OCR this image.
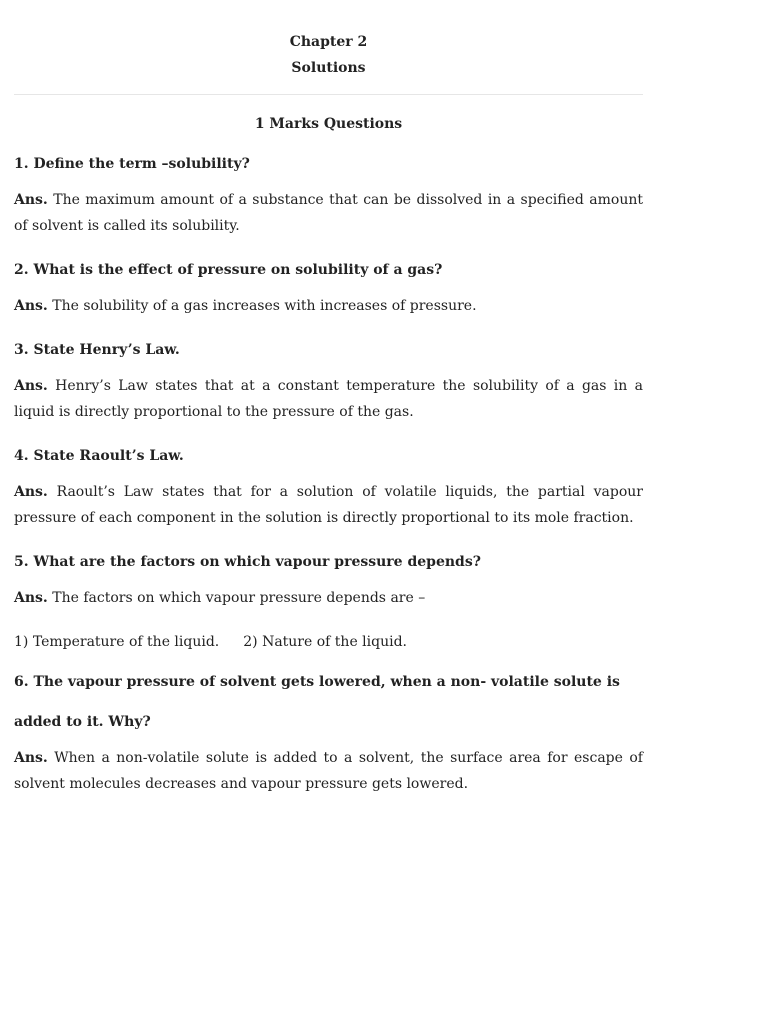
Chapter 2
Solutions
1 Marks Questions
1. Define the term –solubility?
Ans. The maximum amount of a substance that can be dissolved in a specified amount of solvent is called its solubility.
2. What is the effect of pressure on solubility of a gas?
Ans. The solubility of a gas increases with increases of pressure.
3. State Henry’s Law.
Ans. Henry’s Law states that at a constant temperature the solubility of a gas in a liquid is directly proportional to the pressure of the gas.
4. State Raoult’s Law.
Ans. Raoult’s Law states that for a solution of volatile liquids, the partial vapour pressure of each component in the solution is directly proportional to its mole fraction.
5. What are the factors on which vapour pressure depends?
Ans. The factors on which vapour pressure depends are –
1) Temperature of the liquid. 2) Nature of the liquid.
6. The vapour pressure of solvent gets lowered, when a non- volatile solute is
added to it. Why?
Ans. When a non-volatile solute is added to a solvent, the surface area for escape of solvent molecules decreases and vapour pressure gets lowered.
